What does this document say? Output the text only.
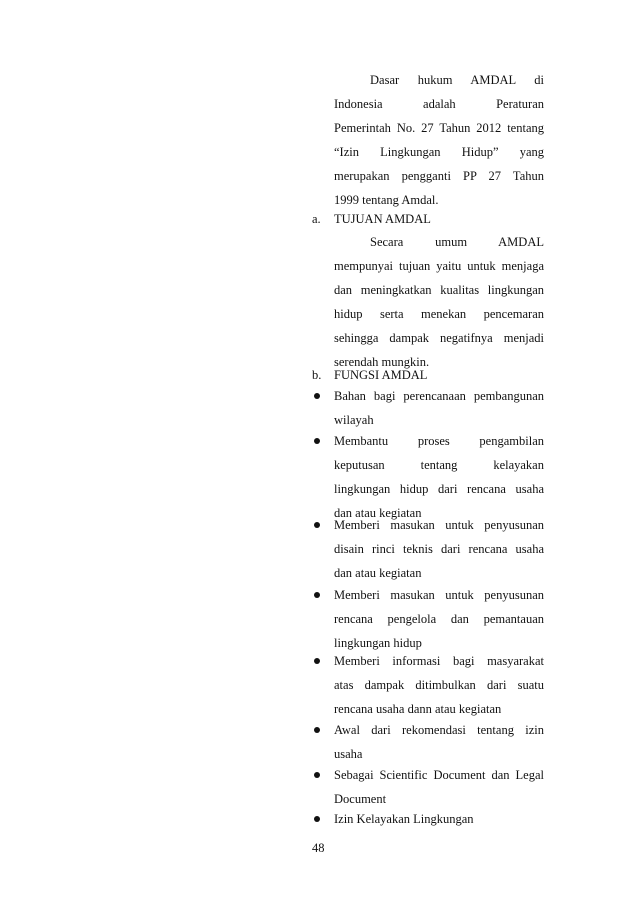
Dasar hukum AMDAL di
Indonesia adalah Peraturan
Pemerintah No. 27 Tahun 2012 tentang
“Izin Lingkungan Hidup” yang
merupakan pengganti PP 27 Tahun
1999 tentang Amdal.
a. TUJUAN AMDAL
Secara umum AMDAL
mempunyai tujuan yaitu untuk menjaga
dan meningkatkan kualitas lingkungan
hidup serta menekan pencemaran
sehingga dampak negatifnya menjadi
serendah mungkin.
b. FUNGSI AMDAL
Bahan bagi perencanaan pembangunan
wilayah
Membantu proses pengambilan
keputusan tentang kelayakan
lingkungan hidup dari rencana usaha
dan atau kegiatan
Memberi masukan untuk penyusunan
disain rinci teknis dari rencana usaha
dan atau kegiatan
Memberi masukan untuk penyusunan
rencana pengelola dan pemantauan
lingkungan hidup
Memberi informasi bagi masyarakat
atas dampak ditimbulkan dari suatu
rencana usaha dann atau kegiatan
Awal dari rekomendasi tentang izin
usaha
Sebagai Scientific Document dan Legal
Document
Izin Kelayakan Lingkungan
48
